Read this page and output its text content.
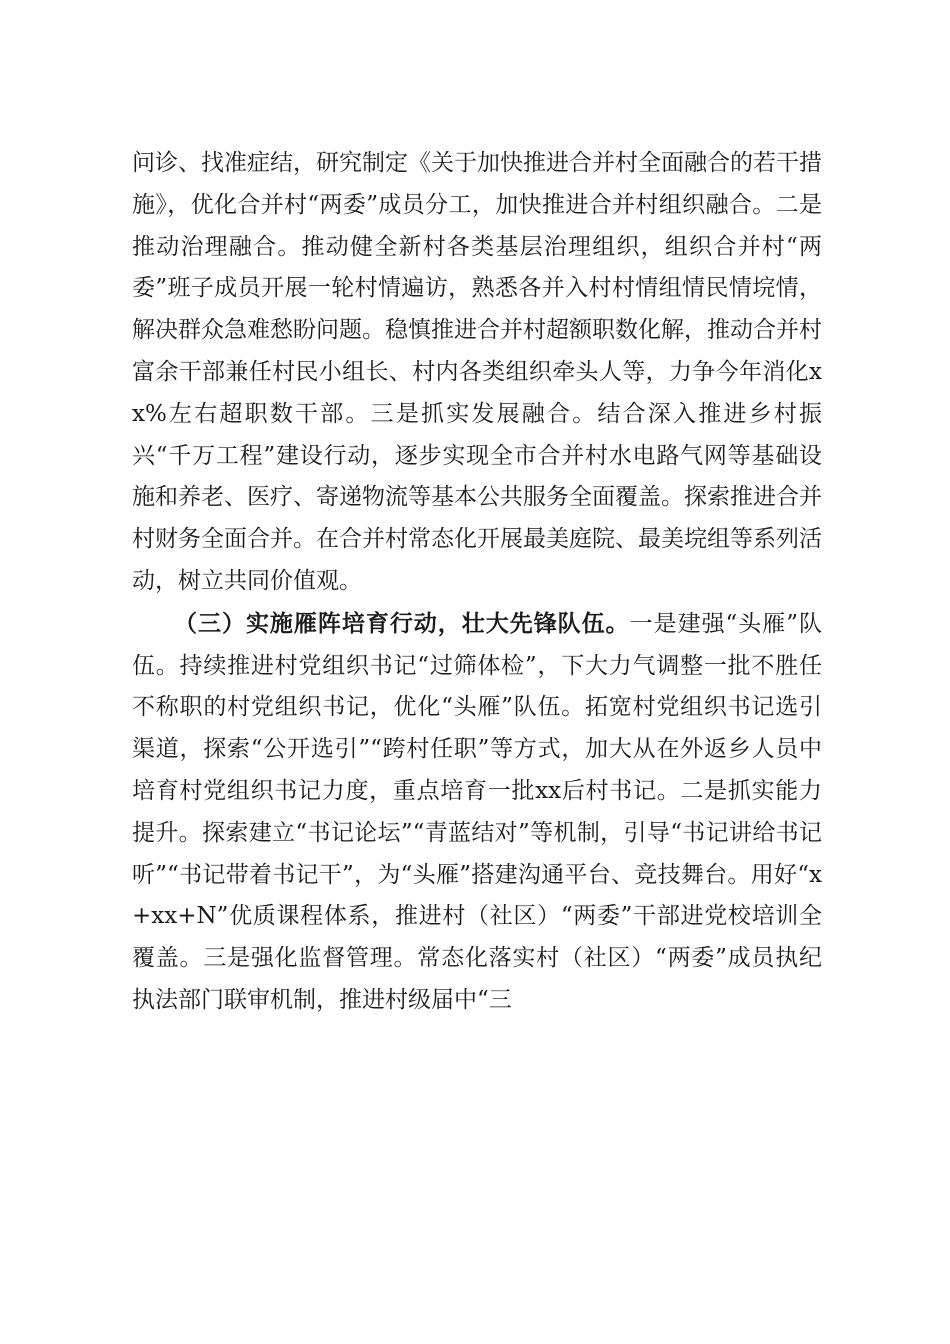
问诊、找准症结，研究制定《关于加快推进合并村全面融合的若干措施》，优化合并村“两委”成员分工，加快推进合并村组织融合。二是推动治理融合。推动健全新村各类基层治理组织，组织合并村“两委”班子成员开展一轮村情遍访，熟悉各并入村村情组情民情垸情，解决群众急难愁盼问题。稳慎推进合并村超额职数化解，推动合并村富余干部兼任村民小组长、村内各类组织牵头人等，力争今年消化xx%左右超职数干部。三是抓实发展融合。结合深入推进乡村振兴“千万工程”建设行动，逐步实现全市合并村水电路气网等基础设施和养老、医疗、寄递物流等基本公共服务全面覆盖。探索推进合并村财务全面合并。在合并村常态化开展最美庭院、最美垸组等系列活动，树立共同价值观。

（三）实施雁阵培育行动，壮大先锋队伍。一是建强“头雁”队伍。持续推进村党组织书记“过筛体检”，下大力气调整一批不胜任不称职的村党组织书记，优化“头雁”队伍。拓宽村党组织书记选引渠道，探索“公开选引”“跨村任职”等方式，加大从在外返乡人员中培育村党组织书记力度，重点培育一批xx后村书记。二是抓实能力提升。探索建立“书记论坛”“青蓝结对”等机制，引导“书记讲给书记听”“书记带着书记干”，为“头雁”搭建沟通平台、竞技舞台。用好“x+xx+N”优质课程体系，推进村（社区）“两委”干部进党校培训全覆盖。三是强化监督管理。常态化落实村（社区）“两委”成员执纪执法部门联审机制，推进村级届中“三
